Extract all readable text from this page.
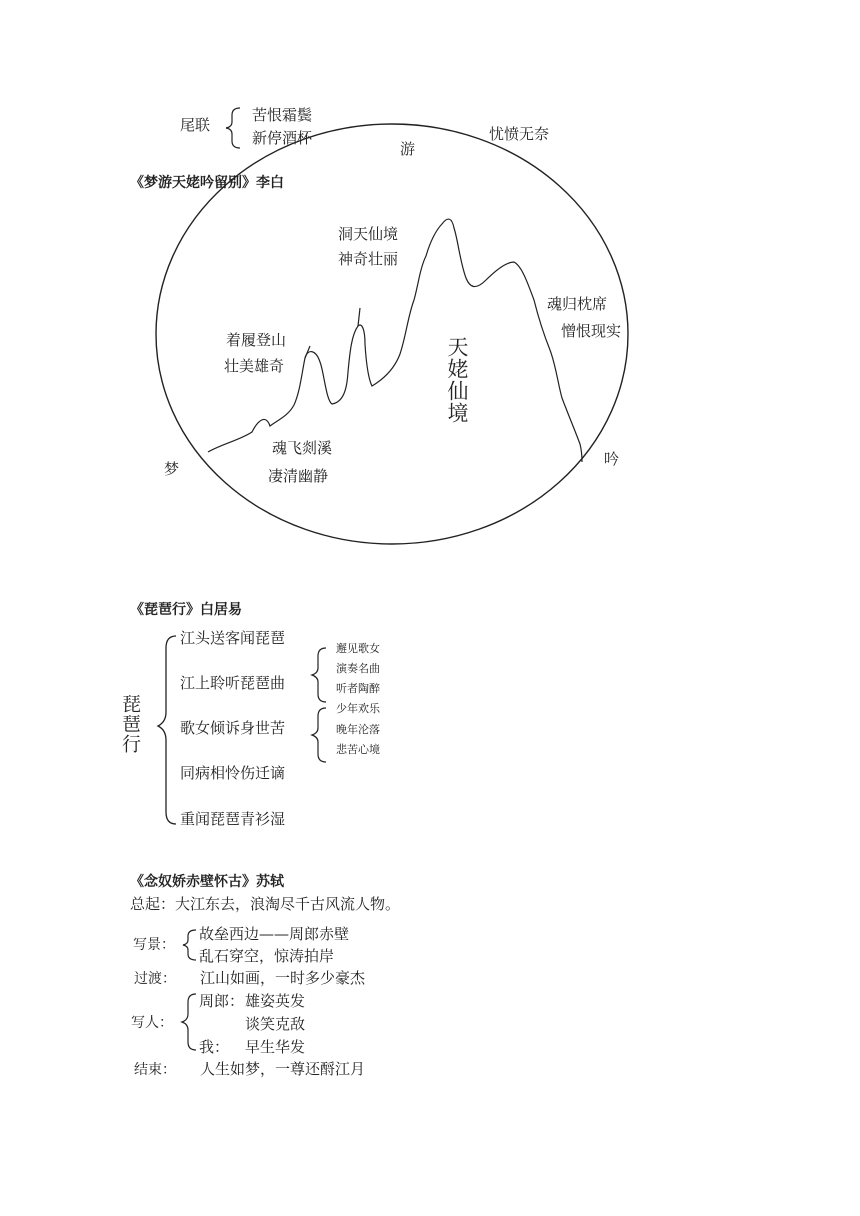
尾联
苦恨霜鬓
新停酒杯	忧愤无奈
《梦游天姥吟留别》李白
游
梦
吟
洞天仙境
神奇壮丽
着履登山
壮美雄奇
魂飞剡溪
凄清幽静
魂归枕席
憎恨现实
天姥仙境
《琵琶行》白居易
琵琶行
江头送客闻琵琶
江上聆听琵琶曲
歌女倾诉身世苦
同病相怜伤迁谪
重闻琵琶青衫湿
邂见歌女
演奏名曲
听者陶醉
少年欢乐
晚年沦落
悲苦心境
《念奴娇赤壁怀古》苏轼
总起：大江东去，浪淘尽千古风流人物。
写景：
故垒西边——周郎赤壁
乱石穿空，惊涛拍岸
过渡： 江山如画，一时多少豪杰
写人：
周郎： 雄姿英发
谈笑克敌
我： 早生华发
结束： 人生如梦，一尊还酹江月
